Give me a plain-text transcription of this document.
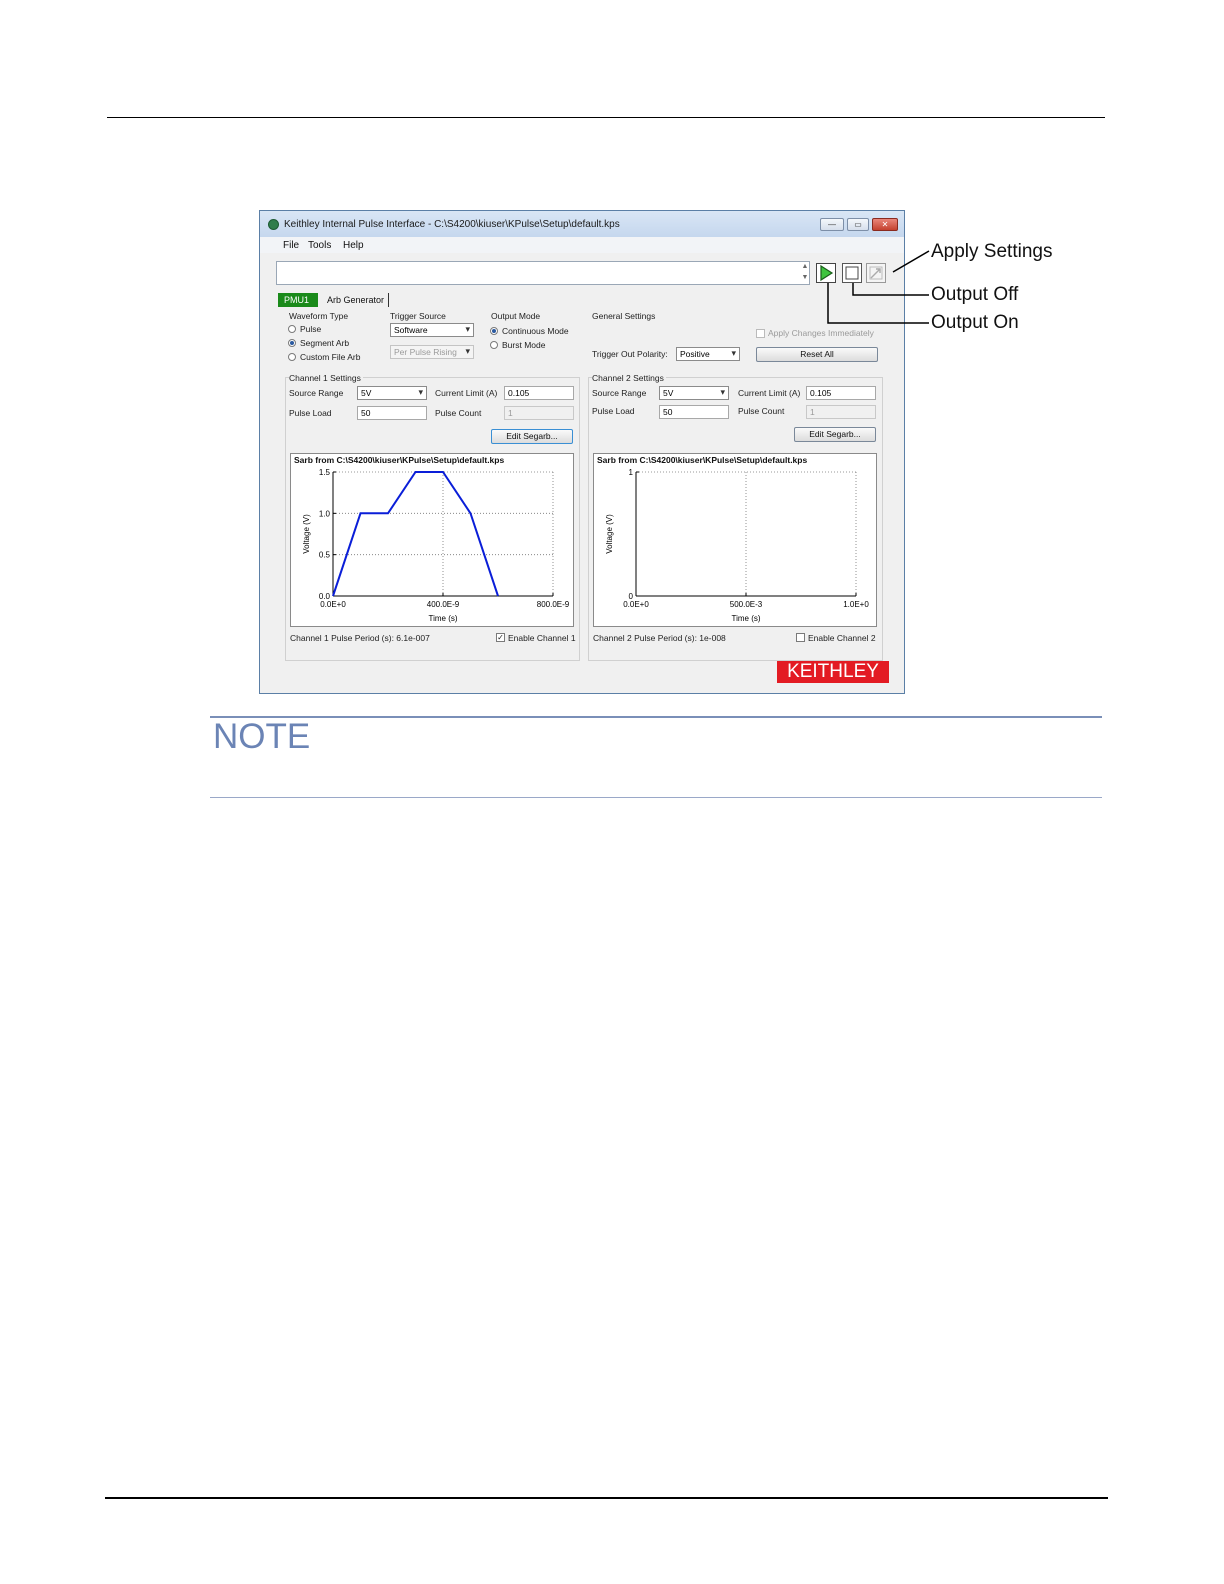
Keithley Internal Pulse Interface - C:\S4200\kiuser\KPulse\Setup\default.kps	—	▭	✕
File Tools Help
▲
▼
PMU1	Arb Generator
Waveform Type
Pulse
Segment Arb
Custom File Arb
Trigger Source
Software ▾
Per Pulse Rising ▾
Output Mode
Continuous Mode
Burst Mode
General Settings
Apply Changes Immediately
Trigger Out Polarity:	Positive ▾	Reset All
Channel 1 Settings
Source Range	5V ▾	Current Limit (A)	0.105
Pulse Load	50	Pulse Count	1
Edit Segarb...
Sarb from C:\S4200\kiuser\KPulse\Setup\default.kps
0.0E+0	400.0E-9	800.0E-9
0.0
0.5
1.0
1.5
Time (s)
Voltage (V)
Channel 1 Pulse Period (s): 6.1e-007	✓ Enable Channel 1
Channel 2 Settings
Source Range	5V ▾	Current Limit (A)	0.105
Pulse Load	50	Pulse Count	1
Edit Segarb...
Sarb from C:\S4200\kiuser\KPulse\Setup\default.kps
0.0E+0	500.0E-3	1.0E+0
0
1
Time (s)
Voltage (V)
Channel 2 Pulse Period (s): 1e-008	Enable Channel 2
KEITHLEY
Apply Settings
Output Off
Output On
NOTE
